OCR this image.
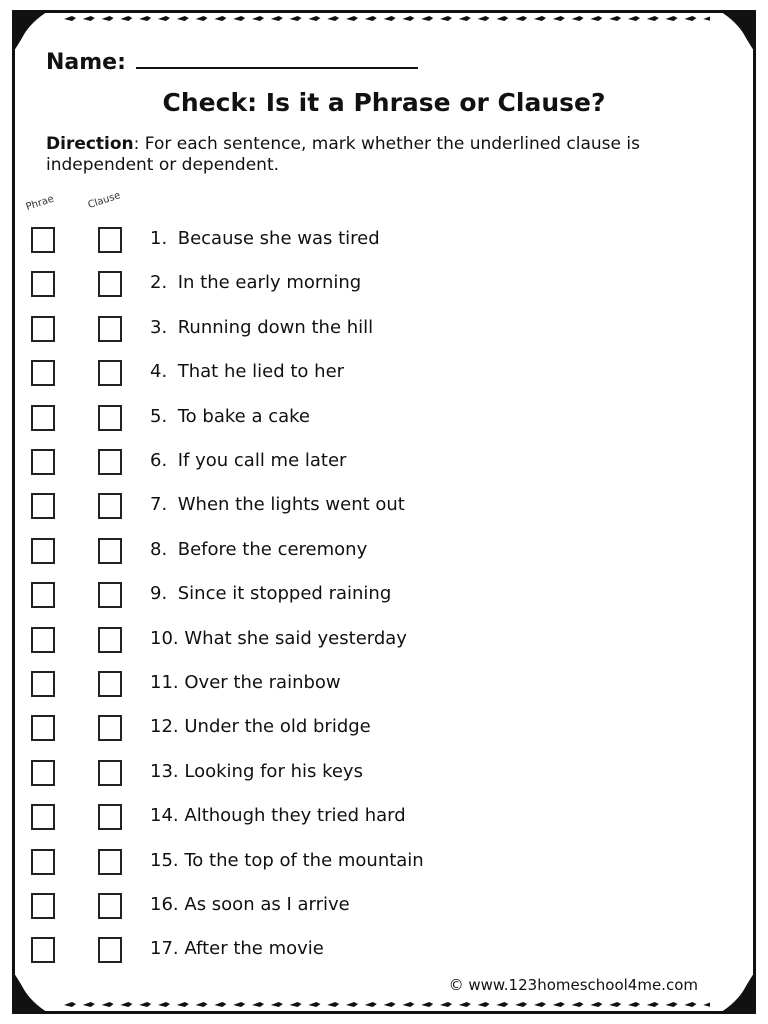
Name:
Check: Is it a Phrase or Clause?
Direction: For each sentence, mark whether the underlined clause is independent or dependent.
Phrae	Clause
1. Because she was tired
2. In the early morning
3. Running down the hill
4. That he lied to her
5. To bake a cake
6. If you call me later
7. When the lights went out
8. Before the ceremony
9. Since it stopped raining
10. What she said yesterday
11. Over the rainbow
12. Under the old bridge
13. Looking for his keys
14. Although they tried hard
15. To the top of the mountain
16. As soon as I arrive
17. After the movie
© www.123homeschool4me.com
